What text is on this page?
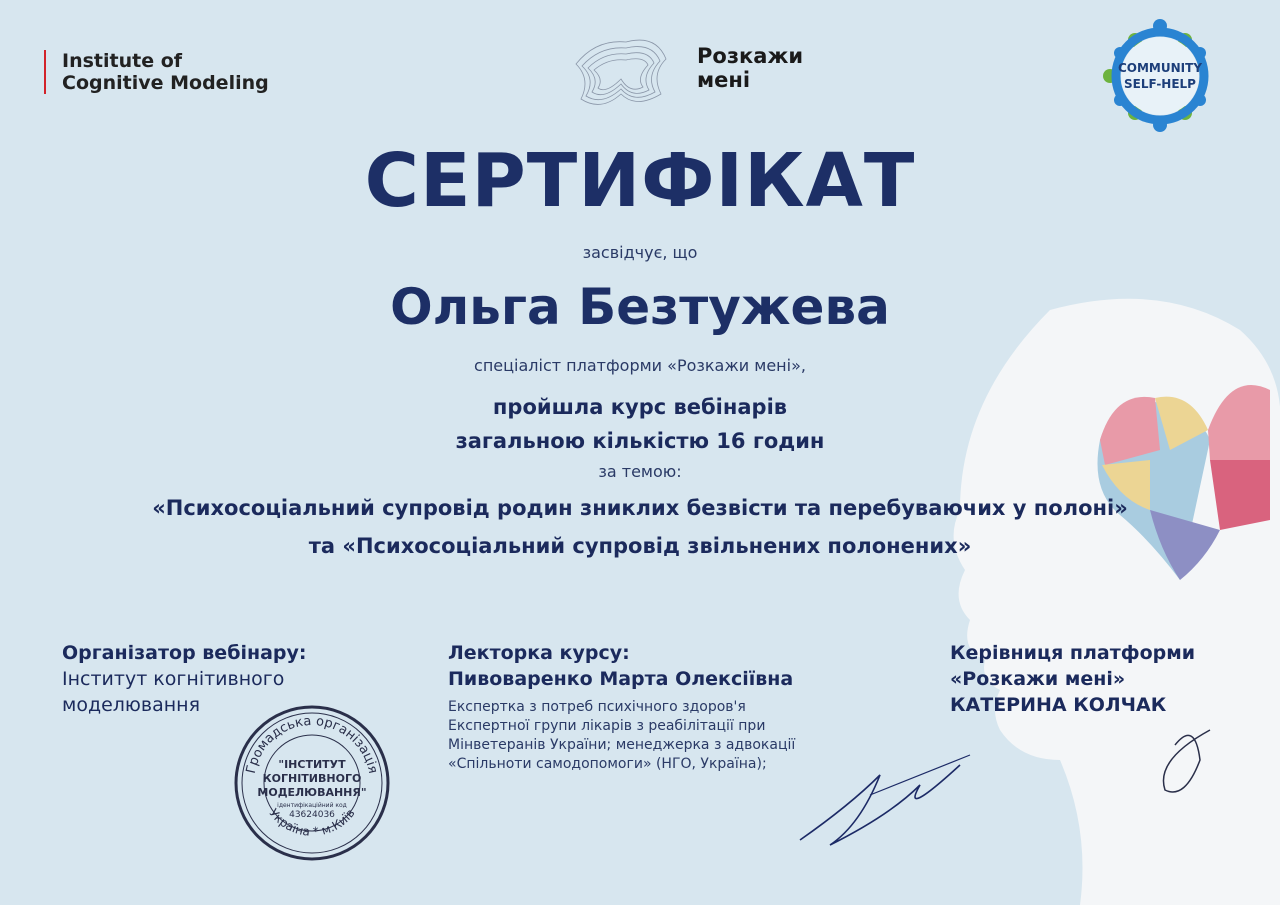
Institute of
Cognitive Modeling
Розкажи
мені	COMMUNITY
SELF-HELP
СЕРТИФІКАТ
засвідчує, що
Ольга Безтужева
спеціаліст платформи «Розкажи мені»,
пройшла курс вебінарів
загальною кількістю 16 годин
за темою:
«Психосоціальний супровід родин зниклих безвісти та перебуваючих у полоні»
та «Психосоціальний супровід звільнених полонених»
Організатор вебінару:
Інститут когнітивного
моделювання
Лекторка курсу:
Пивоваренко Марта Олексіївна
Експертка з потреб психічного здоров'я
Експертної групи лікарів з реабілітації при
Мінветеранів України; менеджерка з адвокації
«Спільноти самодопомоги» (НГО, Україна);
Керівниця платформи
«Розкажи мені»
КАТЕРИНА КОЛЧАК
Громадська організація
Україна * м.Київ
"ІНСТИТУТ
КОГНІТИВНОГО
МОДЕЛЮВАННЯ"
ідентифікаційний код
43624036
